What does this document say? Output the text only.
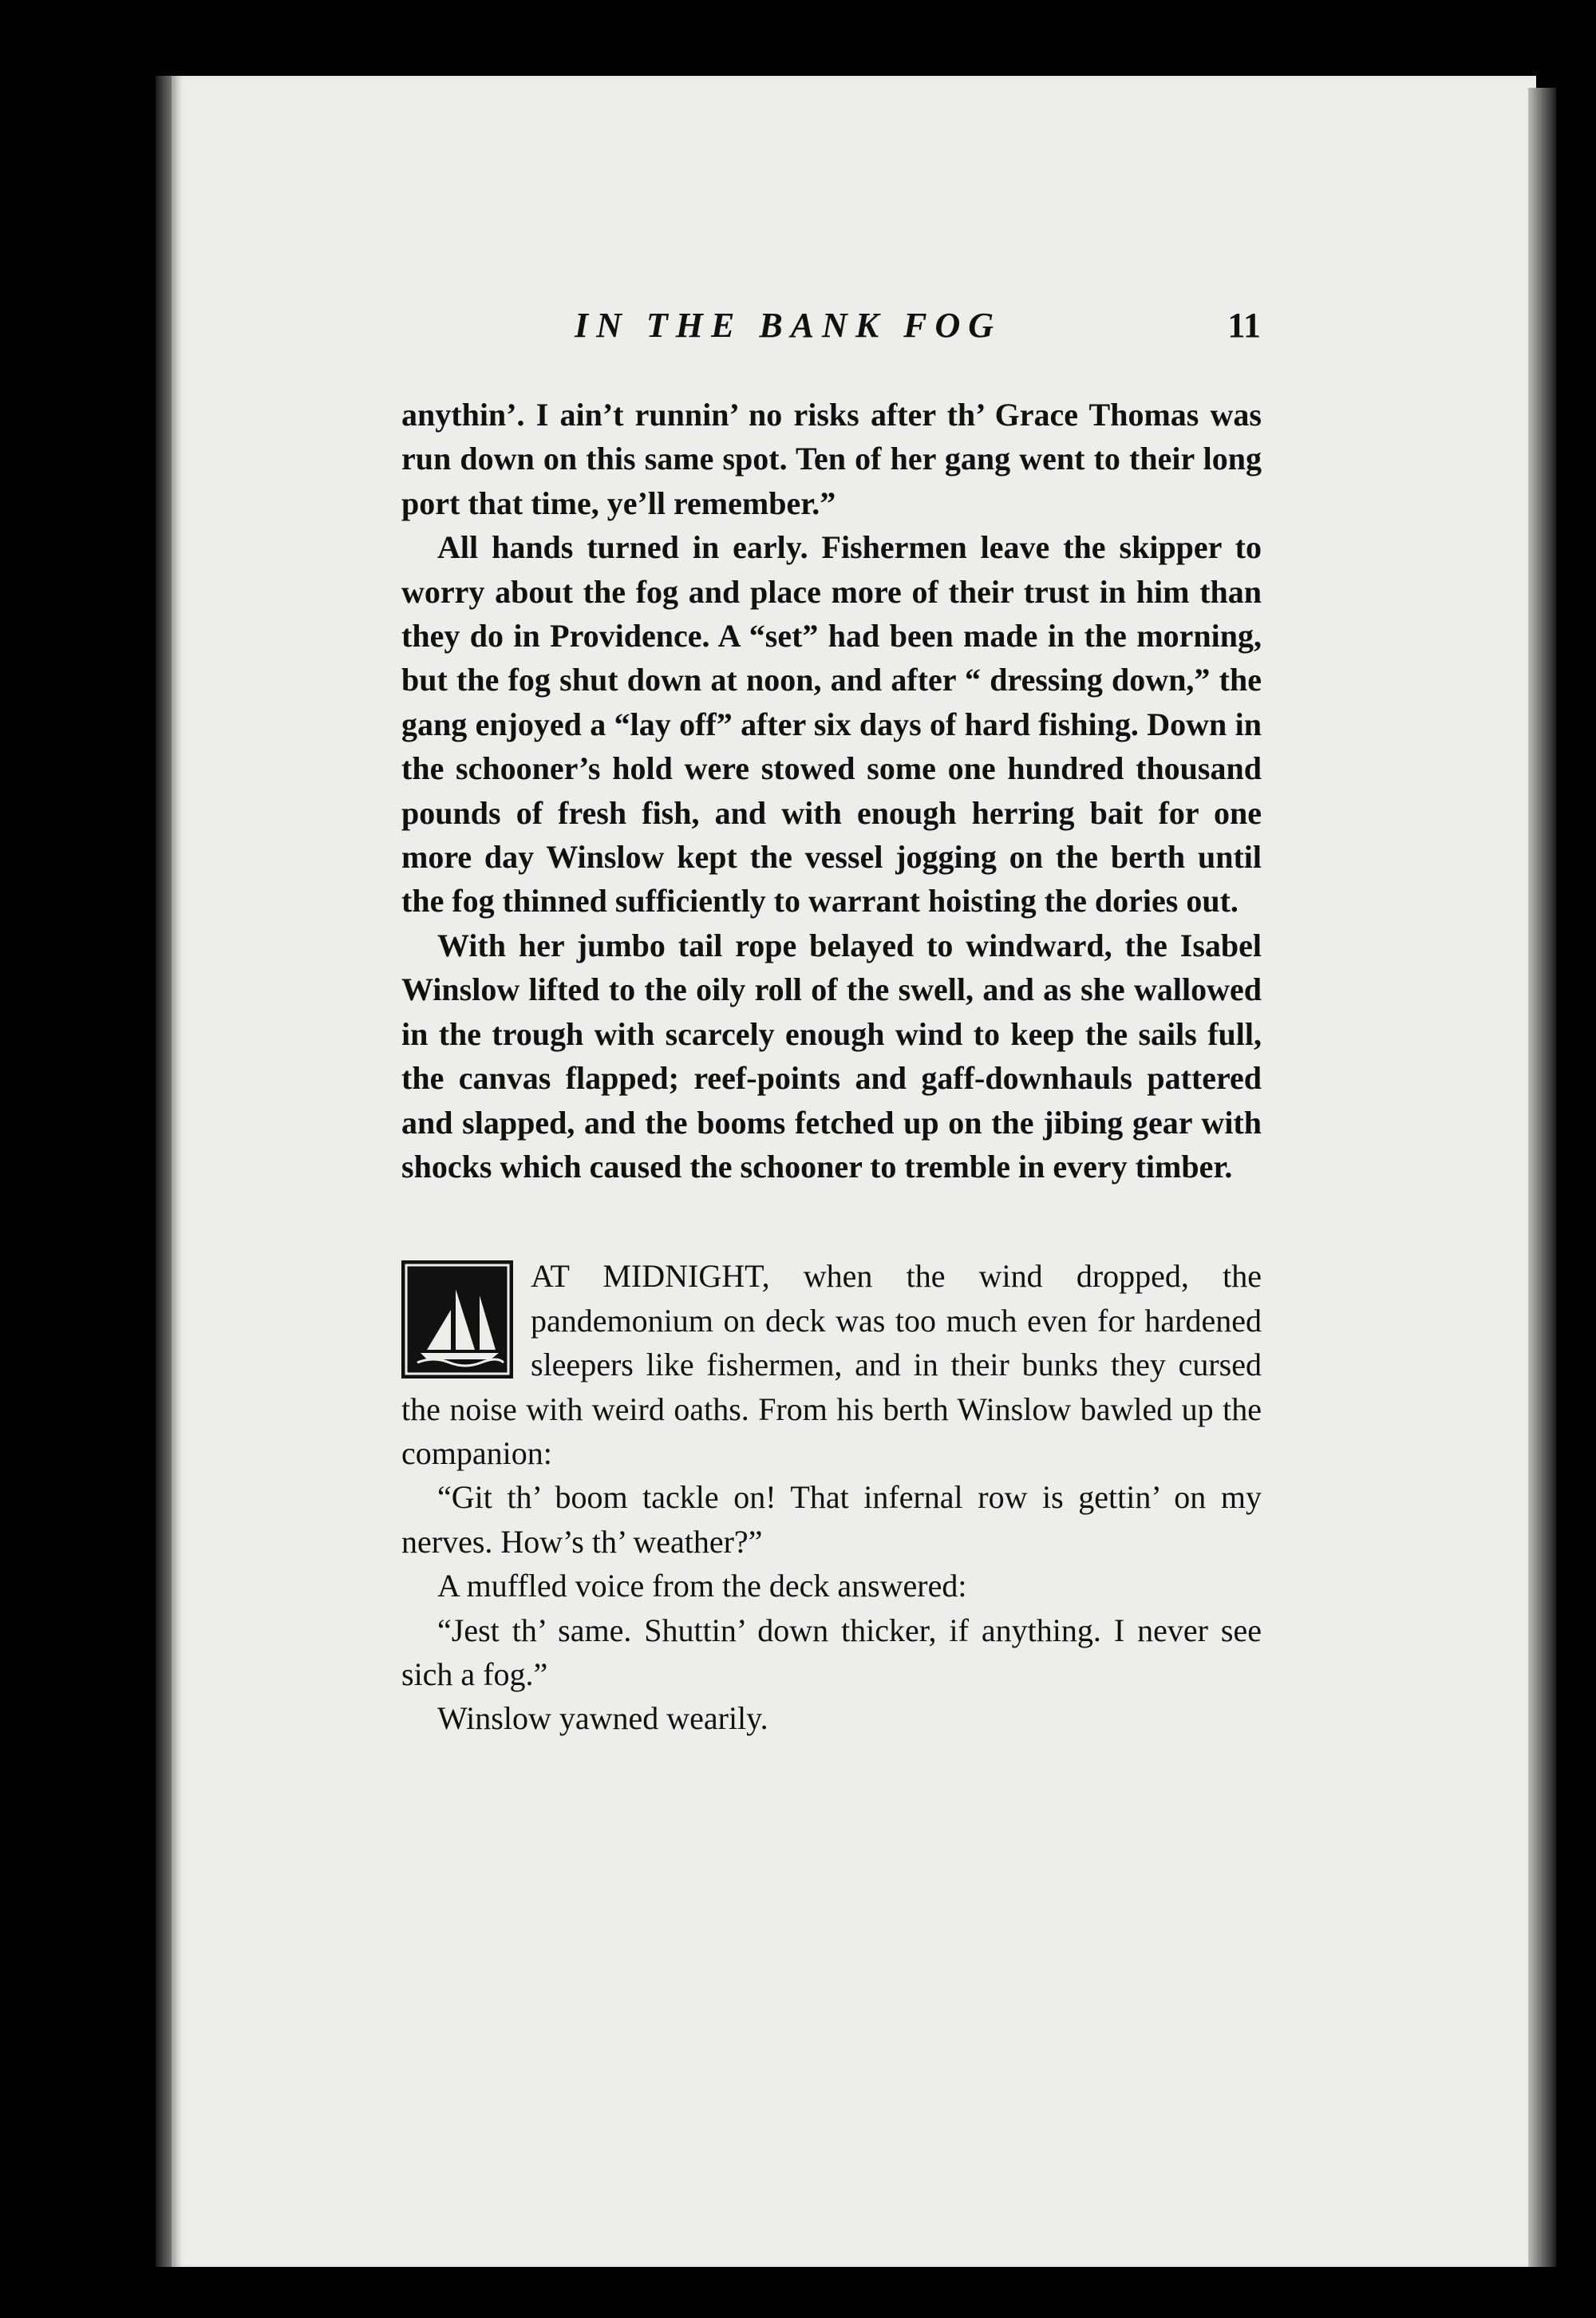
IN THE BANK FOG	11

anythin’. I ain’t runnin’ no risks after th’ Grace Thomas was run down on this same spot. Ten of her gang went to their long port that time, ye’ll remember.”

All hands turned in early. Fishermen leave the skipper to worry about the fog and place more of their trust in him than they do in Providence. A “set” had been made in the morning, but the fog shut down at noon, and after “ dressing down,” the gang enjoyed a “lay off” after six days of hard fishing. Down in the schooner’s hold were stowed some one hundred thousand pounds of fresh fish, and with enough herring bait for one more day Winslow kept the vessel jogging on the berth until the fog thinned sufficiently to warrant hoisting the dories out.

With her jumbo tail rope belayed to windward, the Isabel Winslow lifted to the oily roll of the swell, and as she wallowed in the trough with scarcely enough wind to keep the sails full, the canvas flapped; reef-points and gaff-downhauls pattered and slapped, and the booms fetched up on the jibing gear with shocks which caused the schooner to tremble in every timber.

AT MIDNIGHT, when the wind dropped, the pandemonium on deck was too much even for hardened sleepers like fishermen, and in their bunks they cursed the noise with weird oaths. From his berth Winslow bawled up the companion:

“Git th’ boom tackle on! That infernal row is gettin’ on my nerves. How’s th’ weather?”

A muffled voice from the deck answered:

“Jest th’ same. Shuttin’ down thicker, if anything. I never see sich a fog.”

Winslow yawned wearily.
